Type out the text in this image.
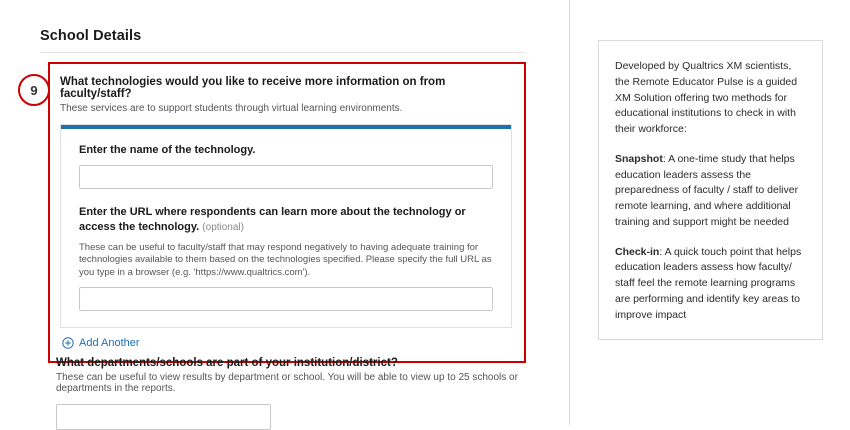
School Details
9
What technologies would you like to receive more information on from faculty/staff?
These services are to support students through virtual learning environments.
Enter the name of the technology.
Enter the URL where respondents can learn more about the technology or access the technology. (optional)
These can be useful to faculty/staff that may respond negatively to having adequate training for technologies available to them based on the technologies specified. Please specify the full URL as you type in a browser (e.g. 'https://www.qualtrics.com').
Add Another
What departments/schools are part of your institution/district?
These can be useful to view results by department or school. You will be able to view up to 25 schools or departments in the reports.

Developed by Qualtrics XM scientists, the Remote Educator Pulse is a guided XM Solution offering two methods for educational institutions to check in with their workforce:

Snapshot: A one-time study that helps education leaders assess the preparedness of faculty / staff to deliver remote learning, and where additional training and support might be needed

Check-in: A quick touch point that helps education leaders assess how faculty/ staff feel the remote learning programs are performing and identify key areas to improve impact
